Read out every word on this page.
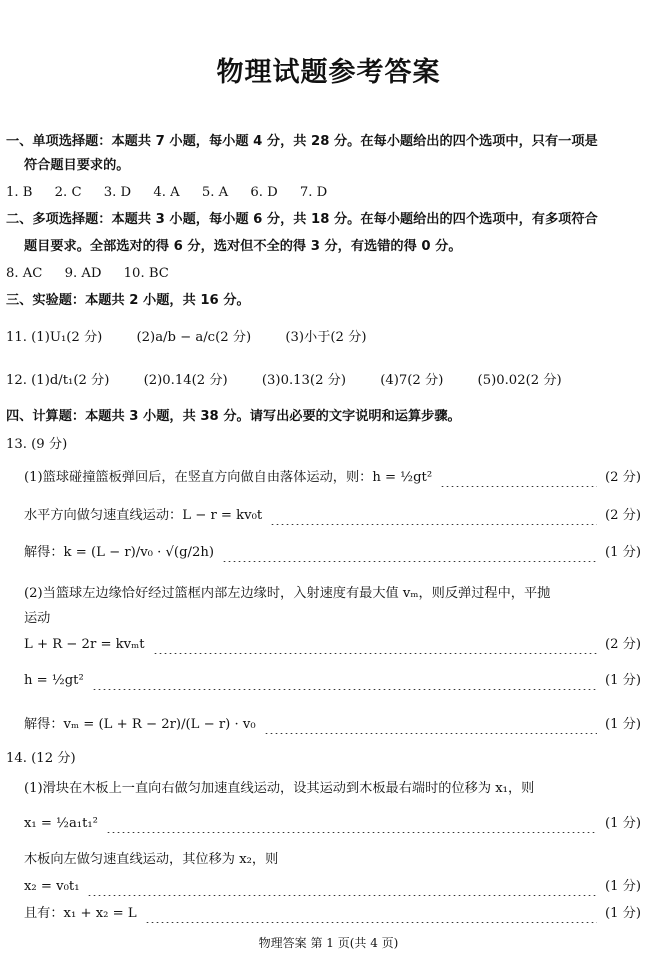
物理试题参考答案
一、单项选择题：本题共 7 小题，每小题 4 分，共 28 分。在每小题给出的四个选项中，只有一项是
符合题目要求的。
1. B 2. C 3. D 4. A 5. A 6. D 7. D
二、多项选择题：本题共 3 小题，每小题 6 分，共 18 分。在每小题给出的四个选项中，有多项符合
题目要求。全部选对的得 6 分，选对但不全的得 3 分，有选错的得 0 分。
8. AC 9. AD 10. BC
三、实验题：本题共 2 小题，共 16 分。
11. (1)U₁(2 分)	(2)a/b − a/c(2 分)	(3)小于(2 分)
12. (1)d/t₁(2 分)	(2)0.14(2 分)	(3)0.13(2 分)	(4)7(2 分)	(5)0.02(2 分)
四、计算题：本题共 3 小题，共 38 分。请写出必要的文字说明和运算步骤。
13. (9 分)
(1)篮球碰撞篮板弹回后，在竖直方向做自由落体运动，则：h = ½gt²	(2 分)
水平方向做匀速直线运动：L − r = kv₀t	(2 分)
解得：k = (L − r)/v₀ · √(g/2h)	(1 分)
(2)当篮球左边缘恰好经过篮框内部左边缘时，入射速度有最大值 vₘ，则反弹过程中，平抛
运动
L + R − 2r = kvₘt	(2 分)
h = ½gt²	(1 分)
解得：vₘ = (L + R − 2r)/(L − r) · v₀	(1 分)
14. (12 分)
(1)滑块在木板上一直向右做匀加速直线运动，设其运动到木板最右端时的位移为 x₁，则
x₁ = ½a₁t₁²	(1 分)
木板向左做匀速直线运动，其位移为 x₂，则
x₂ = v₀t₁	(1 分)
且有：x₁ + x₂ = L	(1 分)
物理答案 第 1 页(共 4 页)
